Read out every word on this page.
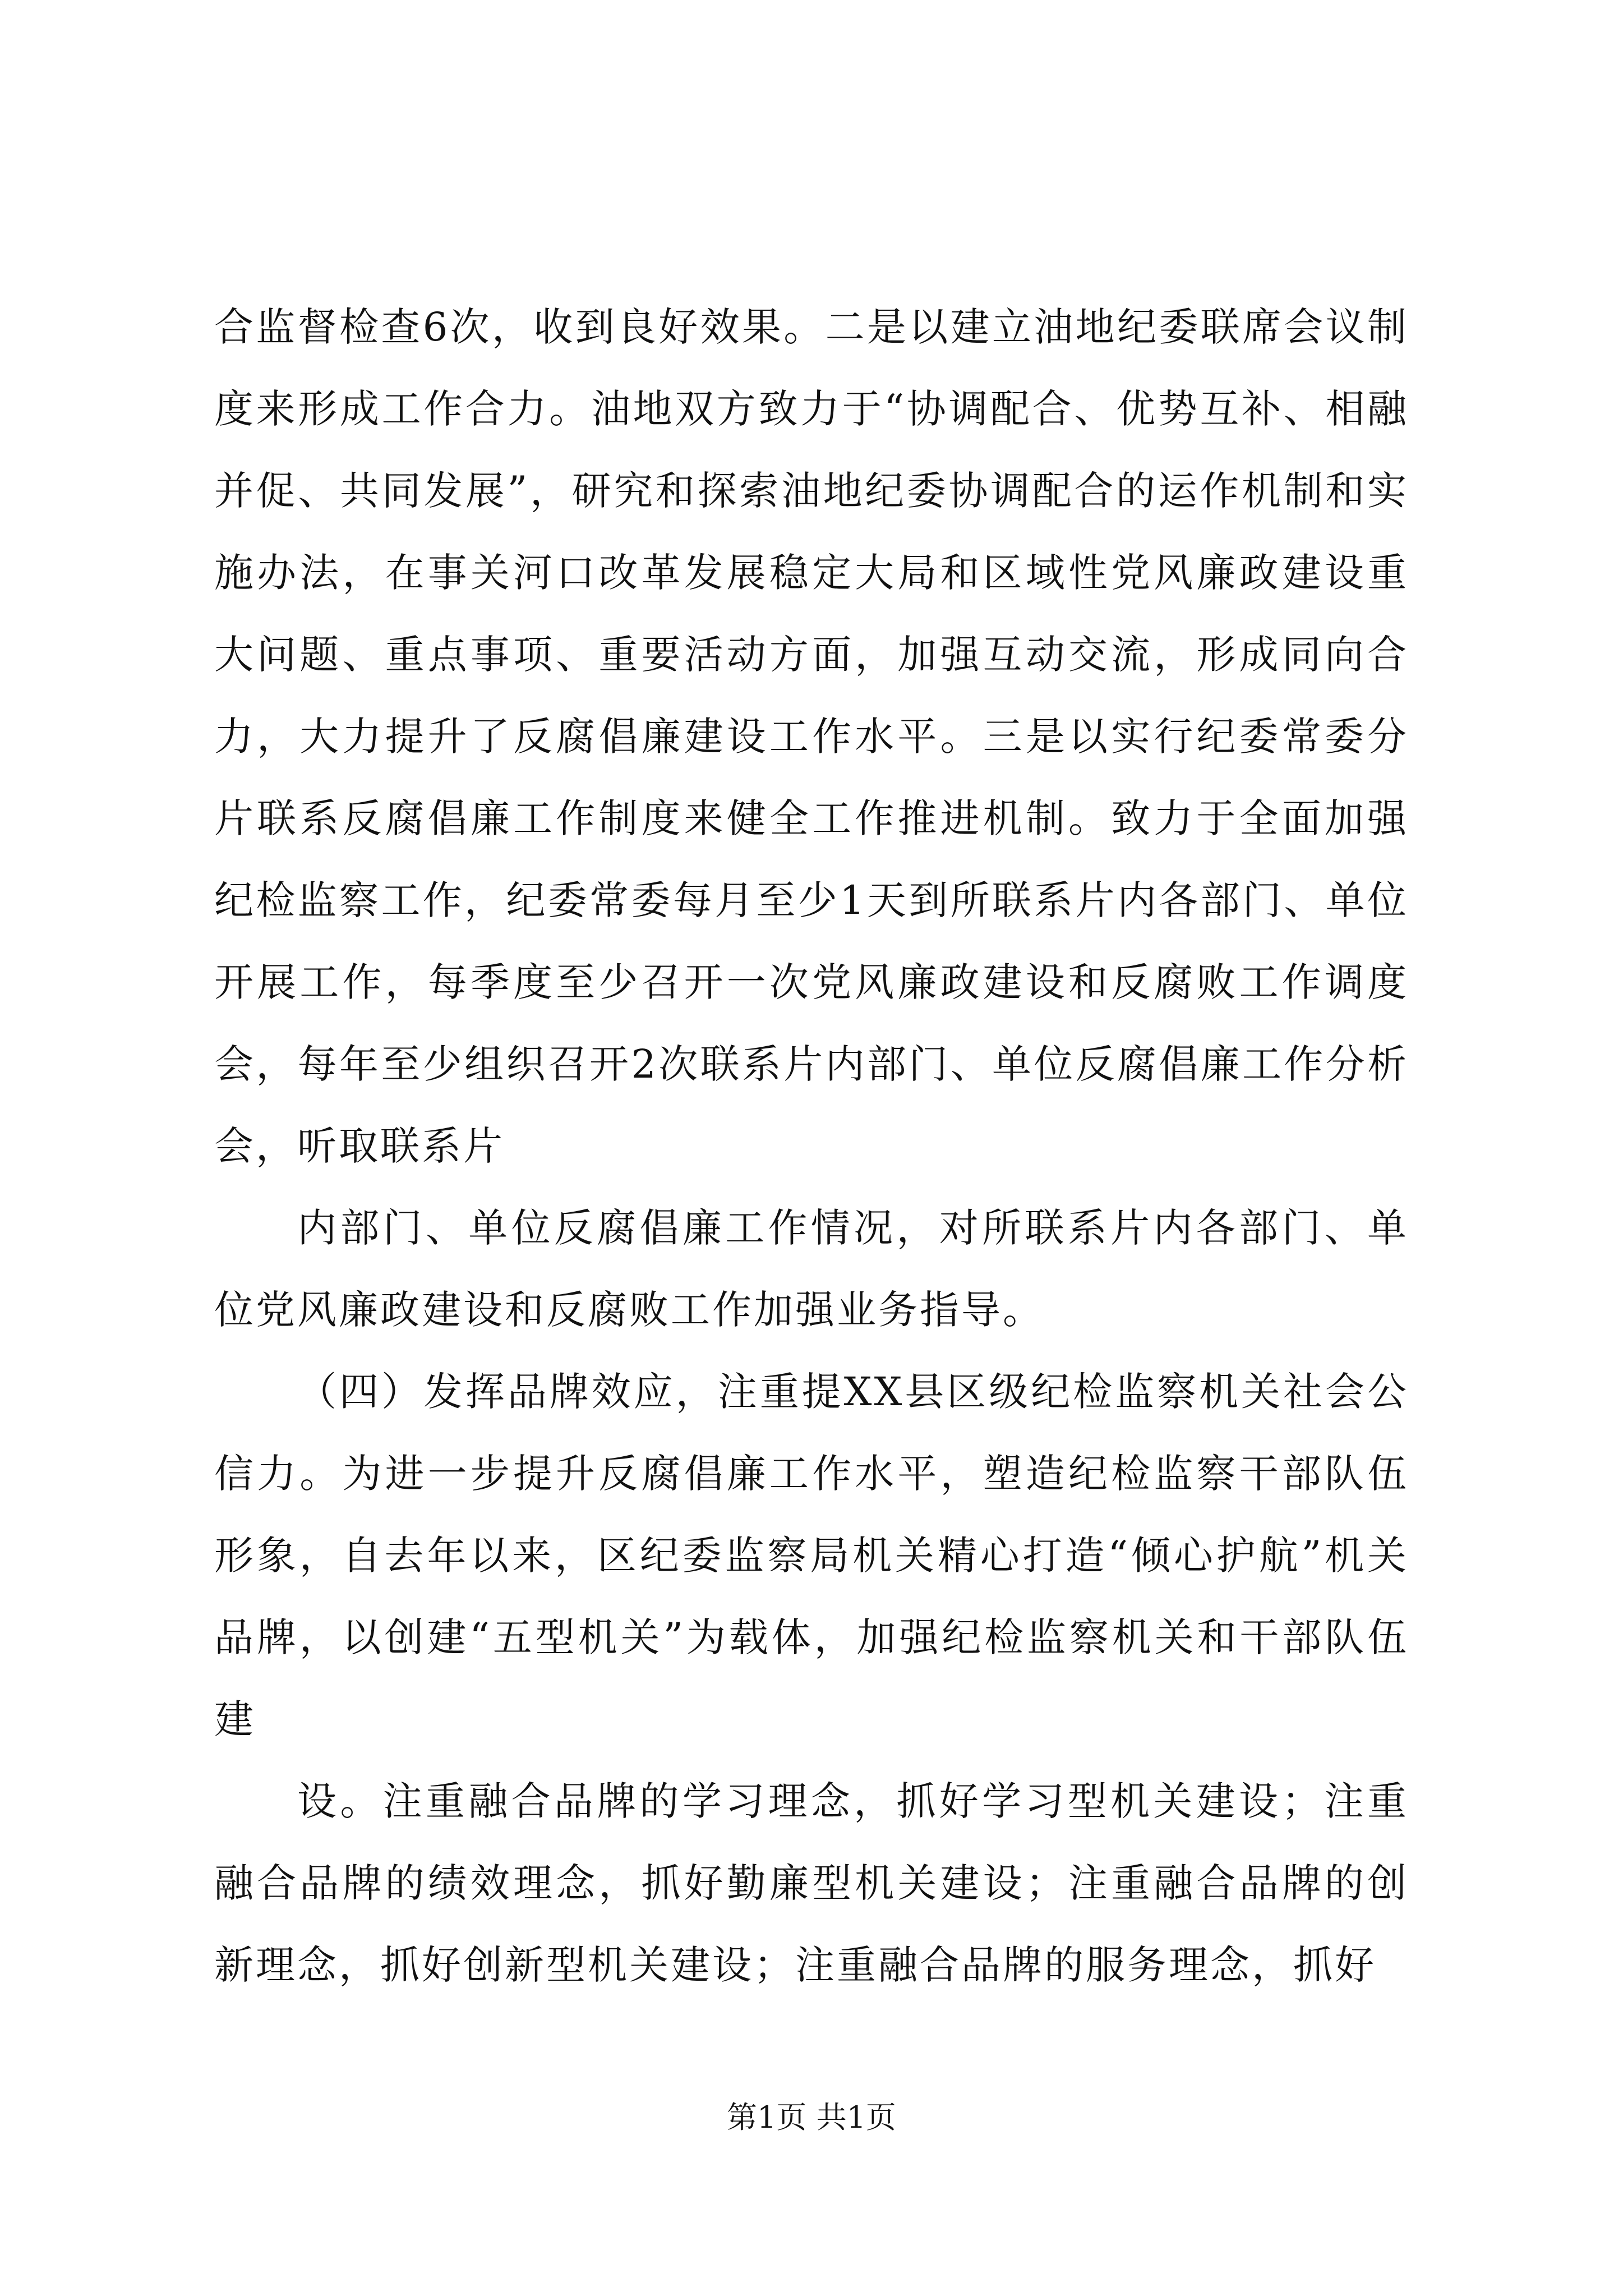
合监督检查6次，收到良好效果。二是以建立油地纪委联席会议制度来形成工作合力。油地双方致力于“协调配合、优势互补、相融并促、共同发展”，研究和探索油地纪委协调配合的运作机制和实施办法，在事关河口改革发展稳定大局和区域性党风廉政建设重大问题、重点事项、重要活动方面，加强互动交流，形成同向合力，大力提升了反腐倡廉建设工作水平。三是以实行纪委常委分片联系反腐倡廉工作制度来健全工作推进机制。致力于全面加强纪检监察工作，纪委常委每月至少1天到所联系片内各部门、单位开展工作，每季度至少召开一次党风廉政建设和反腐败工作调度会，每年至少组织召开2次联系片内部门、单位反腐倡廉工作分析会，听取联系片

内部门、单位反腐倡廉工作情况，对所联系片内各部门、单位党风廉政建设和反腐败工作加强业务指导。

（四）发挥品牌效应，注重提XX县区级纪检监察机关社会公信力。为进一步提升反腐倡廉工作水平，塑造纪检监察干部队伍形象，自去年以来，区纪委监察局机关精心打造“倾心护航”机关品牌，以创建“五型机关”为载体，加强纪检监察机关和干部队伍建

设。注重融合品牌的学习理念，抓好学习型机关建设；注重融合品牌的绩效理念，抓好勤廉型机关建设；注重融合品牌的创新理念，抓好创新型机关建设；注重融合品牌的服务理念，抓好

第1页 共1页
